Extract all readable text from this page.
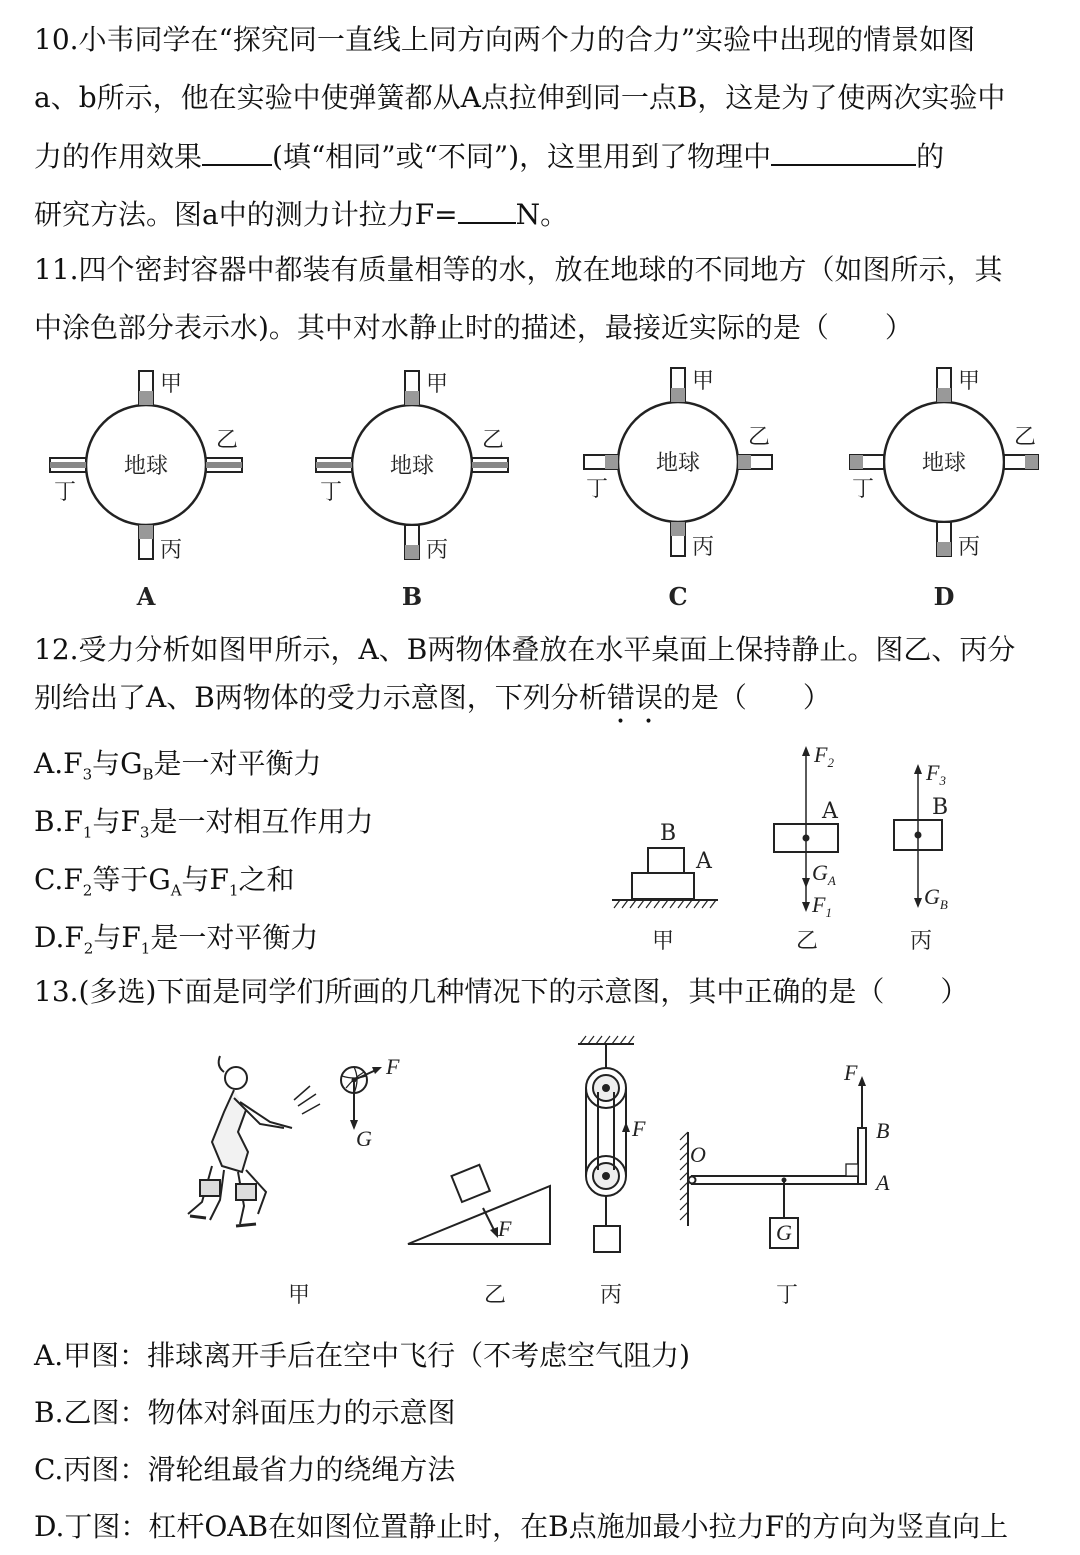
10.小韦同学在“探究同一直线上同方向两个力的合力”实验中出现的情景如图
a、b所示，他在实验中使弹簧都从A点拉伸到同一点B，这是为了使两次实验中
力的作用效果	(填“相同”或“不同”)，这里用到了物理中	的
研究方法。图a中的测力计拉力F= N。
11.四个密封容器中都装有质量相等的水，放在地球的不同地方（如图所示，其
中涂色部分表示水)。其中对水静止时的描述，最接近实际的是（　　）
地球
甲
乙
丙
丁
A
地球
甲
乙
丙
丁
B
地球
甲
乙
丙
丁
C
地球
甲
乙
丙
丁
D
12.受力分析如图甲所示，A、B两物体叠放在水平桌面上保持静止。图乙、丙分
别给出了A、B两物体的受力示意图，下列分析错误的是（　　）
$A.F_3$与$G_B$是一对平衡力
$B.F_1$与$F_3$是一对相互作用力
$C.F_2$等于$G_A$与$F_1$之和
$D.F_2$与$F_1$是一对平衡力
B
A
甲
$F_2$
A
$G_A$
$F_1$
乙
$F_3$
B
$G_B$
丙
13.(多选)下面是同学们所画的几种情况下的示意图，其中正确的是（　　）
F
G
甲
F
乙
F
丙
O
A
B
F
G
丁
A.甲图：排球离开手后在空中飞行（不考虑空气阻力)
B.乙图：物体对斜面压力的示意图
C.丙图：滑轮组最省力的绕绳方法
D.丁图：杠杆OAB在如图位置静止时，在B点施加最小拉力F的方向为竖直向上
